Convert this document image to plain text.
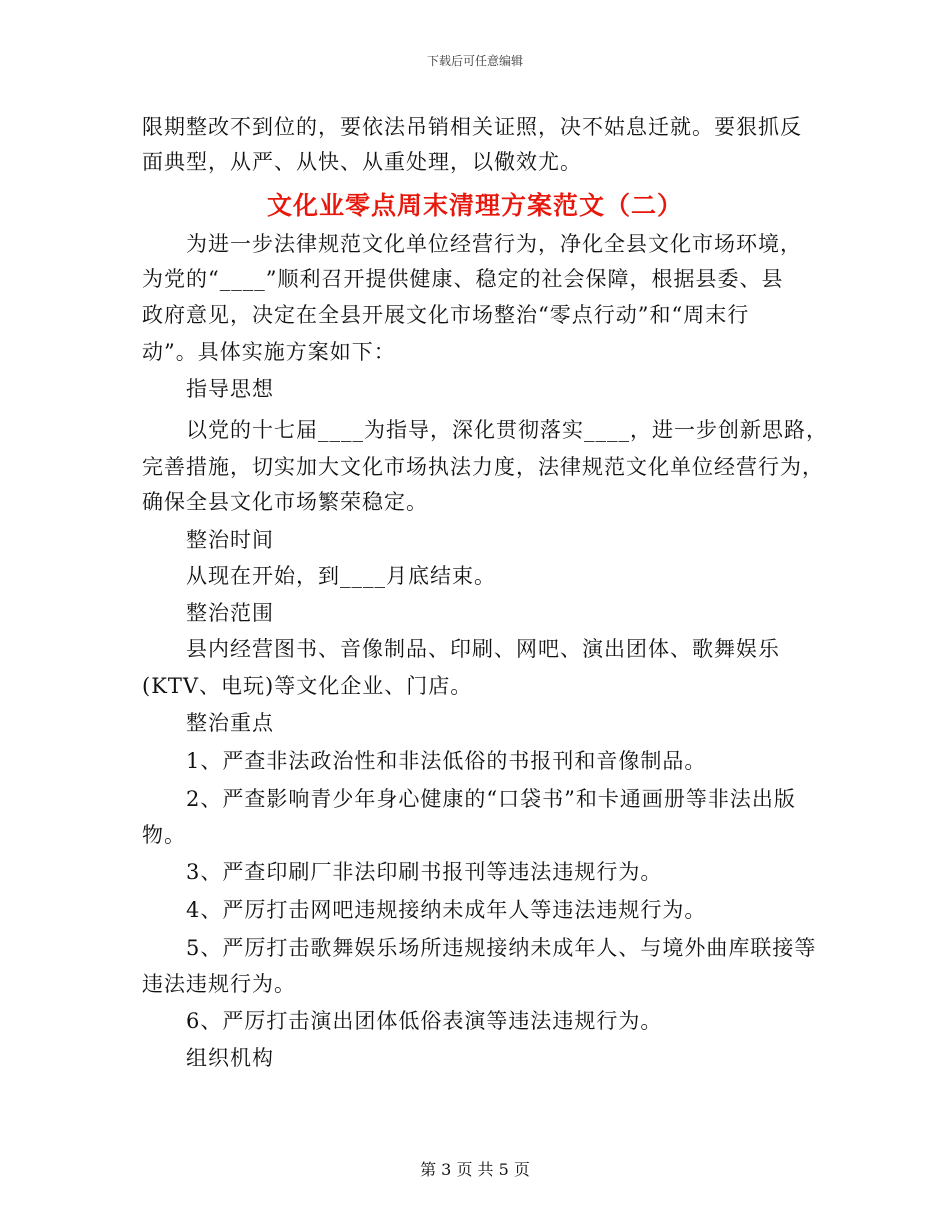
下载后可任意编辑
限期整改不到位的，要依法吊销相关证照，决不姑息迁就。要狠抓反
面典型，从严、从快、从重处理，以儆效尤。
文化业零点周末清理方案范文（二）
为进一步法律规范文化单位经营行为，净化全县文化市场环境，
为党的“____”顺利召开提供健康、稳定的社会保障，根据县委、县
政府意见，决定在全县开展文化市场整治“零点行动”和“周末行
动”。具体实施方案如下：
指导思想
以党的十七届____为指导，深化贯彻落实____，进一步创新思路，
完善措施，切实加大文化市场执法力度，法律规范文化单位经营行为，
确保全县文化市场繁荣稳定。
整治时间
从现在开始，到____月底结束。
整治范围
县内经营图书、音像制品、印刷、网吧、演出团体、歌舞娱乐
(KTV、电玩)等文化企业、门店。
整治重点
1、严查非法政治性和非法低俗的书报刊和音像制品。
2、严查影响青少年身心健康的“口袋书”和卡通画册等非法出版
物。
3、严查印刷厂非法印刷书报刊等违法违规行为。
4、严厉打击网吧违规接纳未成年人等违法违规行为。
5、严厉打击歌舞娱乐场所违规接纳未成年人、与境外曲库联接等
违法违规行为。
6、严厉打击演出团体低俗表演等违法违规行为。
组织机构
第 3 页 共 5 页
